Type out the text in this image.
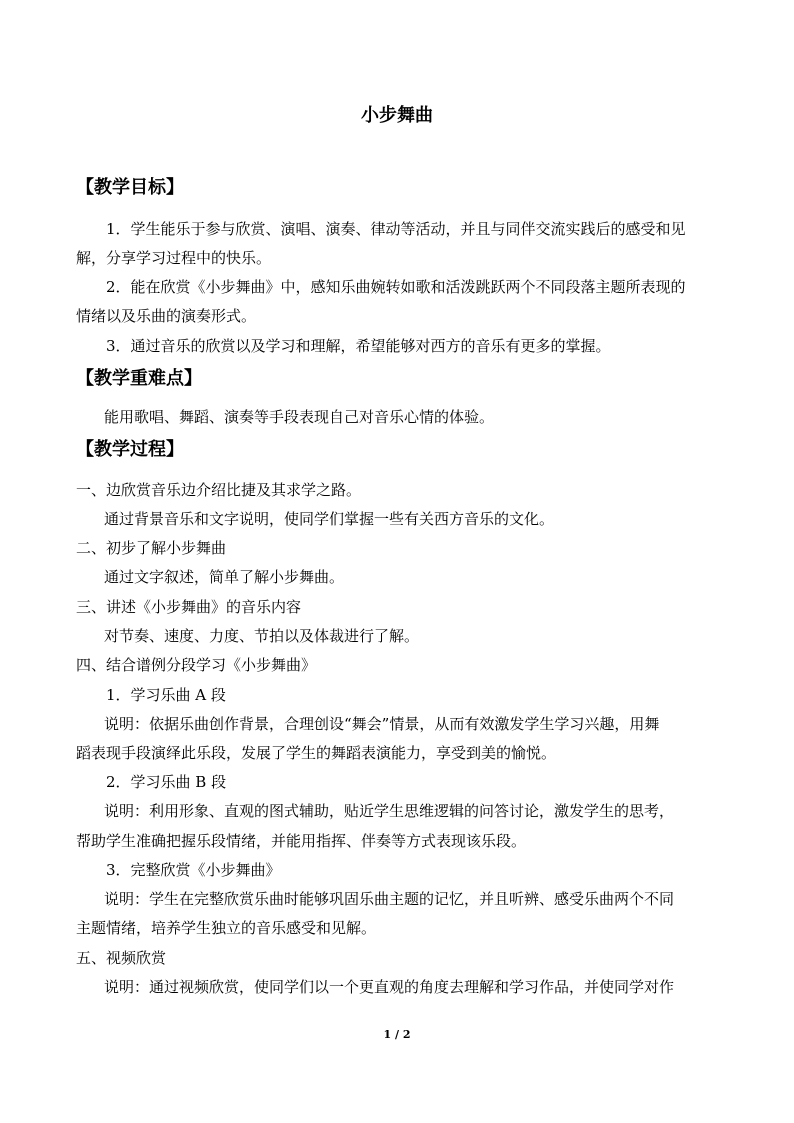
小步舞曲
【教学目标】
1．学生能乐于参与欣赏、演唱、演奏、律动等活动，并且与同伴交流实践后的感受和见
解，分享学习过程中的快乐。
2．能在欣赏《小步舞曲》中，感知乐曲婉转如歌和活泼跳跃两个不同段落主题所表现的
情绪以及乐曲的演奏形式。
3．通过音乐的欣赏以及学习和理解，希望能够对西方的音乐有更多的掌握。
【教学重难点】
能用歌唱、舞蹈、演奏等手段表现自己对音乐心情的体验。
【教学过程】
一、边欣赏音乐边介绍比捷及其求学之路。
通过背景音乐和文字说明，使同学们掌握一些有关西方音乐的文化。
二、初步了解小步舞曲
通过文字叙述，简单了解小步舞曲。
三、讲述《小步舞曲》的音乐内容
对节奏、速度、力度、节拍以及体裁进行了解。
四、结合谱例分段学习《小步舞曲》
1．学习乐曲 A 段
说明：依据乐曲创作背景，合理创设“舞会”情景，从而有效激发学生学习兴趣，用舞
蹈表现手段演绎此乐段，发展了学生的舞蹈表演能力，享受到美的愉悦。
2．学习乐曲 B 段
说明：利用形象、直观的图式辅助，贴近学生思维逻辑的问答讨论，激发学生的思考，
帮助学生准确把握乐段情绪，并能用指挥、伴奏等方式表现该乐段。
3．完整欣赏《小步舞曲》
说明：学生在完整欣赏乐曲时能够巩固乐曲主题的记忆，并且听辨、感受乐曲两个不同
主题情绪，培养学生独立的音乐感受和见解。
五、视频欣赏
说明：通过视频欣赏，使同学们以一个更直观的角度去理解和学习作品，并使同学对作
1 / 2
